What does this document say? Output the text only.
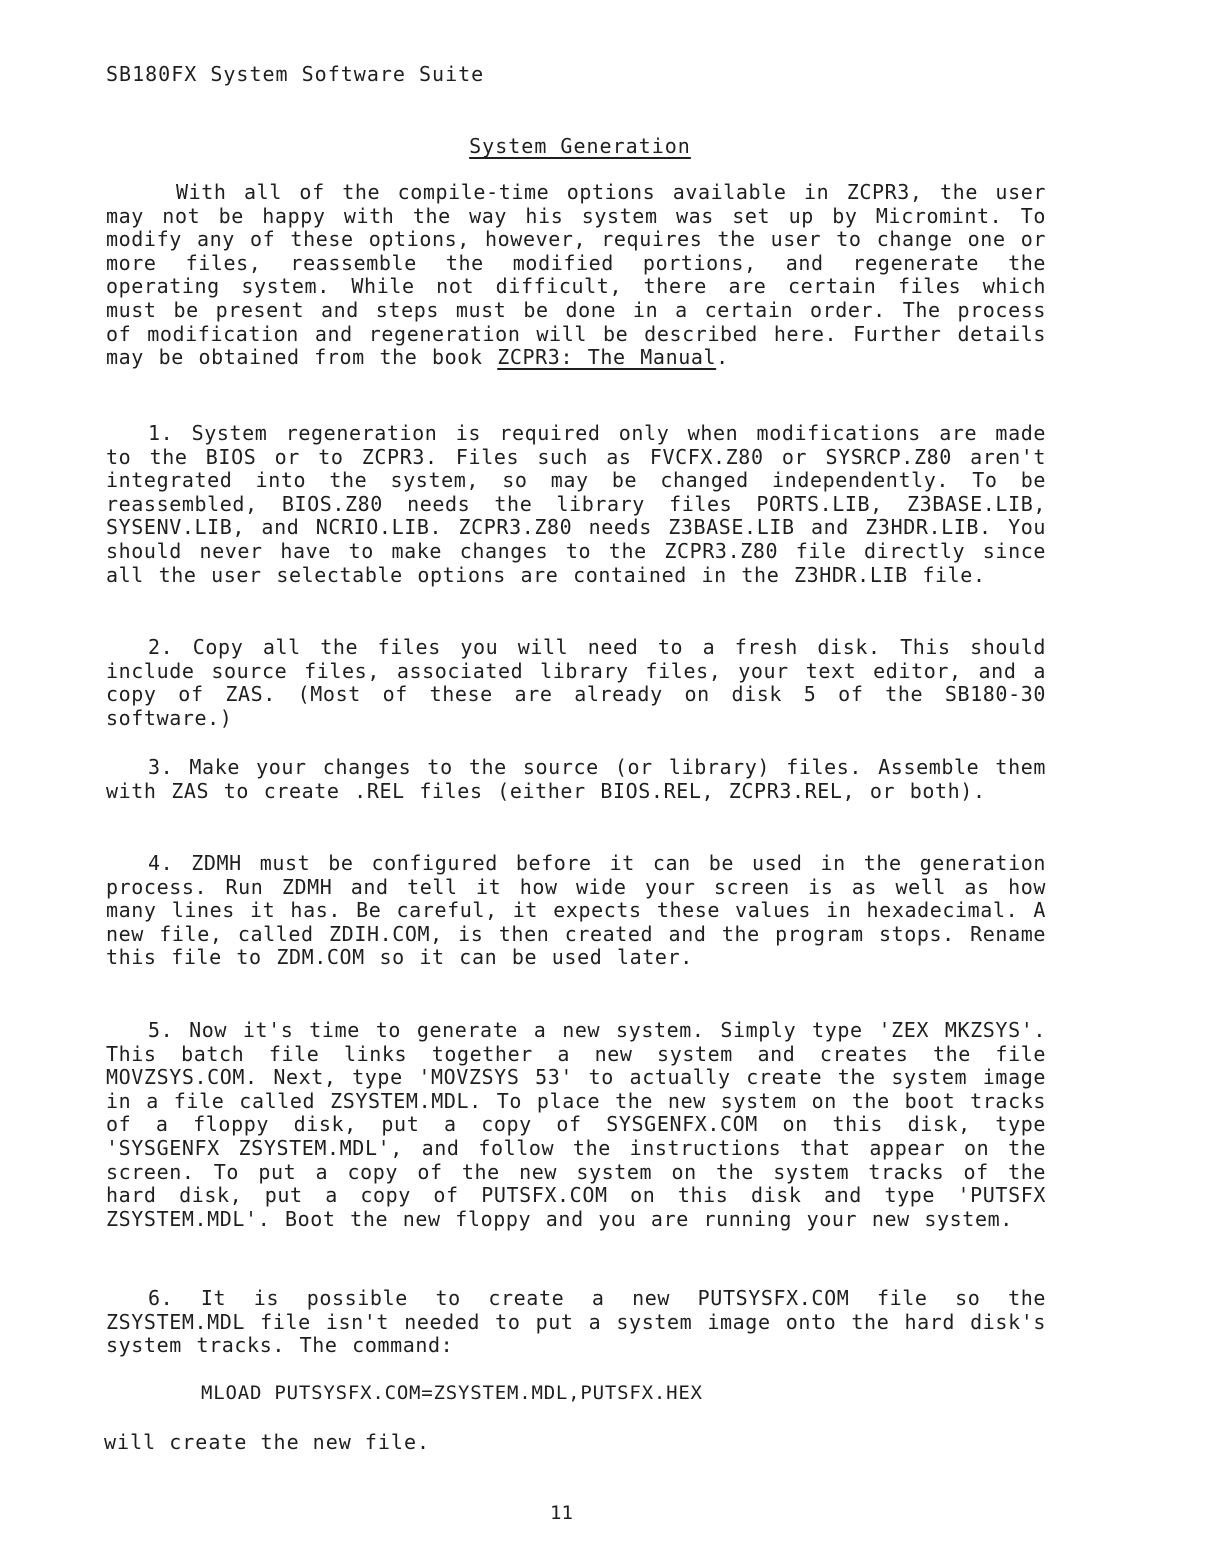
SB180FX System Software Suite
System Generation

With all of the compile-time options available in ZCPR3, the user may not be happy with the way his system was set up by Micromint. To modify any of these options, however, requires the user to change one or more files, reassemble the modified portions, and regenerate the operating system. While not difficult, there are certain files which must be present and steps must be done in a certain order. The process of modification and regeneration will be described here. Further details may be obtained from the book ZCPR3: The Manual.

1. System regeneration is required only when modifications are made to the BIOS or to ZCPR3. Files such as FVCFX.Z80 or SYSRCP.Z80 aren't integrated into the system, so may be changed independently. To be reassembled, BIOS.Z80 needs the library files PORTS.LIB, Z3BASE.LIB, SYSENV.LIB, and NCRIO.LIB. ZCPR3.Z80 needs Z3BASE.LIB and Z3HDR.LIB. You should never have to make changes to the ZCPR3.Z80 file directly since all the user selectable options are contained in the Z3HDR.LIB file.

2. Copy all the files you will need to a fresh disk. This should include source files, associated library files, your text editor, and a copy of ZAS. (Most of these are already on disk 5 of the SB180-30 software.)

3. Make your changes to the source (or library) files. Assemble them with ZAS to create .REL files (either BIOS.REL, ZCPR3.REL, or both).

4. ZDMH must be configured before it can be used in the generation process. Run ZDMH and tell it how wide your screen is as well as how many lines it has. Be careful, it expects these values in hexadecimal. A new file, called ZDIH.COM, is then created and the program stops. Rename this file to ZDM.COM so it can be used later.

5. Now it's time to generate a new system. Simply type 'ZEX MKZSYS'. This batch file links together a new system and creates the file MOVZSYS.COM. Next, type 'MOVZSYS 53' to actually create the system image in a file called ZSYSTEM.MDL. To place the new system on the boot tracks of a floppy disk, put a copy of SYSGENFX.COM on this disk, type 'SYSGENFX ZSYSTEM.MDL', and follow the instructions that appear on the screen. To put a copy of the new system on the system tracks of the hard disk, put a copy of PUTSFX.COM on this disk and type 'PUTSFX ZSYSTEM.MDL'. Boot the new floppy and you are running your new system.

6. It is possible to create a new PUTSYSFX.COM file so the ZSYSTEM.MDL file isn't needed to put a system image onto the hard disk's system tracks. The command:

MLOAD PUTSYSFX.COM=ZSYSTEM.MDL,PUTSFX.HEX
will create the new file.
11
